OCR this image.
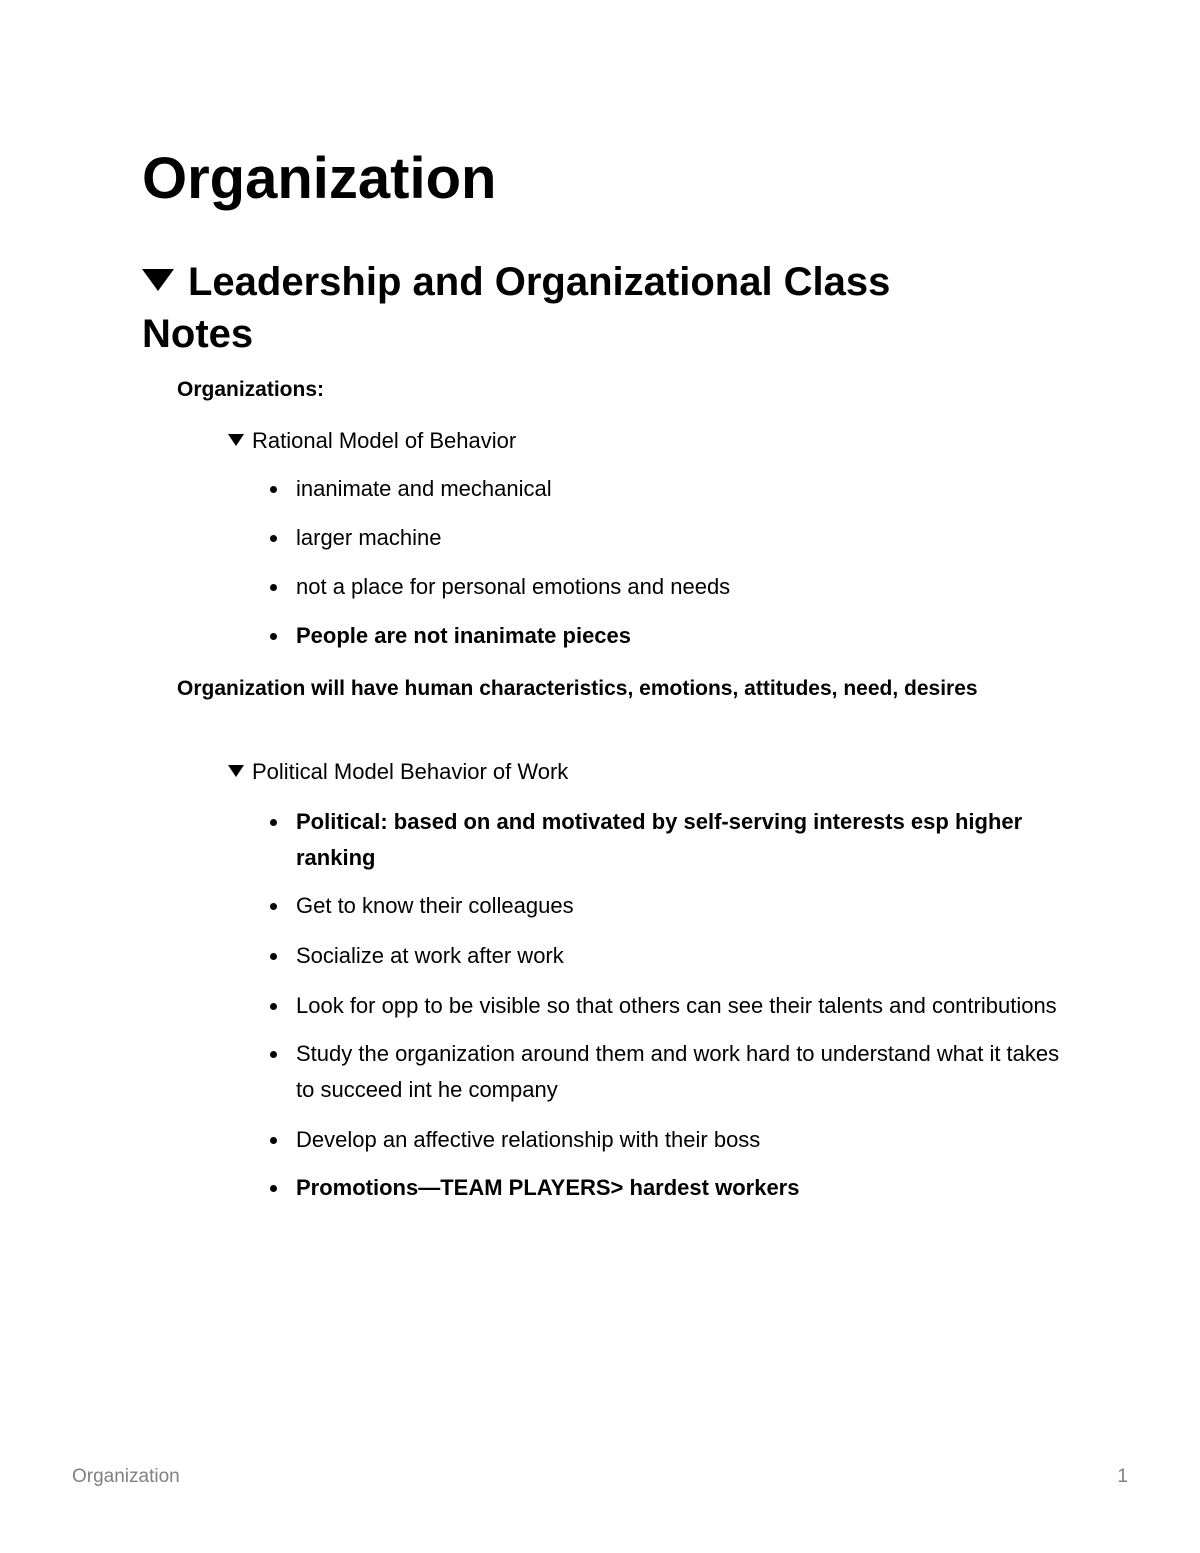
Organization
Leadership and Organizational Class Notes

Organizations:

Rational Model of Behavior
inanimate and mechanical
larger machine
not a place for personal emotions and needs
People are not inanimate pieces

Organization will have human characteristics, emotions, attitudes, need, desires

Political Model Behavior of Work
Political: based on and motivated by self-serving interests esp higher ranking
Get to know their colleagues
Socialize at work after work
Look for opp to be visible so that others can see their talents and contributions
Study the organization around them and work hard to understand what it takes to succeed int he company
Develop an affective relationship with their boss
Promotions—TEAM PLAYERS> hardest workers
Organization	1
